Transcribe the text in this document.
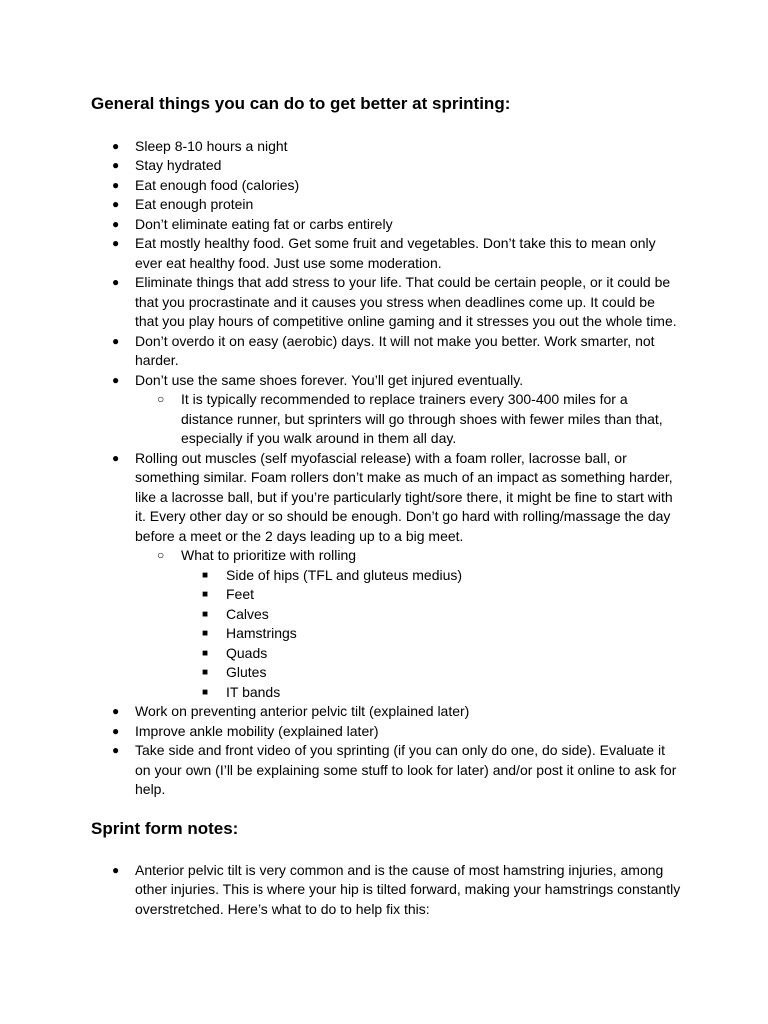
General things you can do to get better at sprinting:
● Sleep 8-10 hours a night
● Stay hydrated
● Eat enough food (calories)
● Eat enough protein
● Don’t eliminate eating fat or carbs entirely
● Eat mostly healthy food. Get some fruit and vegetables. Don’t take this to mean only ever eat healthy food. Just use some moderation.
● Eliminate things that add stress to your life. That could be certain people, or it could be that you procrastinate and it causes you stress when deadlines come up. It could be that you play hours of competitive online gaming and it stresses you out the whole time.
● Don’t overdo it on easy (aerobic) days. It will not make you better. Work smarter, not harder.
● Don’t use the same shoes forever. You’ll get injured eventually.
○ It is typically recommended to replace trainers every 300-400 miles for a distance runner, but sprinters will go through shoes with fewer miles than that, especially if you walk around in them all day.
● Rolling out muscles (self myofascial release) with a foam roller, lacrosse ball, or something similar. Foam rollers don’t make as much of an impact as something harder, like a lacrosse ball, but if you’re particularly tight/sore there, it might be fine to start with it. Every other day or so should be enough. Don’t go hard with rolling/massage the day before a meet or the 2 days leading up to a big meet.
○ What to prioritize with rolling
■ Side of hips (TFL and gluteus medius)
■ Feet
■ Calves
■ Hamstrings
■ Quads
■ Glutes
■ IT bands
● Work on preventing anterior pelvic tilt (explained later)
● Improve ankle mobility (explained later)
● Take side and front video of you sprinting (if you can only do one, do side). Evaluate it on your own (I’ll be explaining some stuff to look for later) and/or post it online to ask for help.
Sprint form notes:
● Anterior pelvic tilt is very common and is the cause of most hamstring injuries, among other injuries. This is where your hip is tilted forward, making your hamstrings constantly overstretched. Here’s what to do to help fix this:
